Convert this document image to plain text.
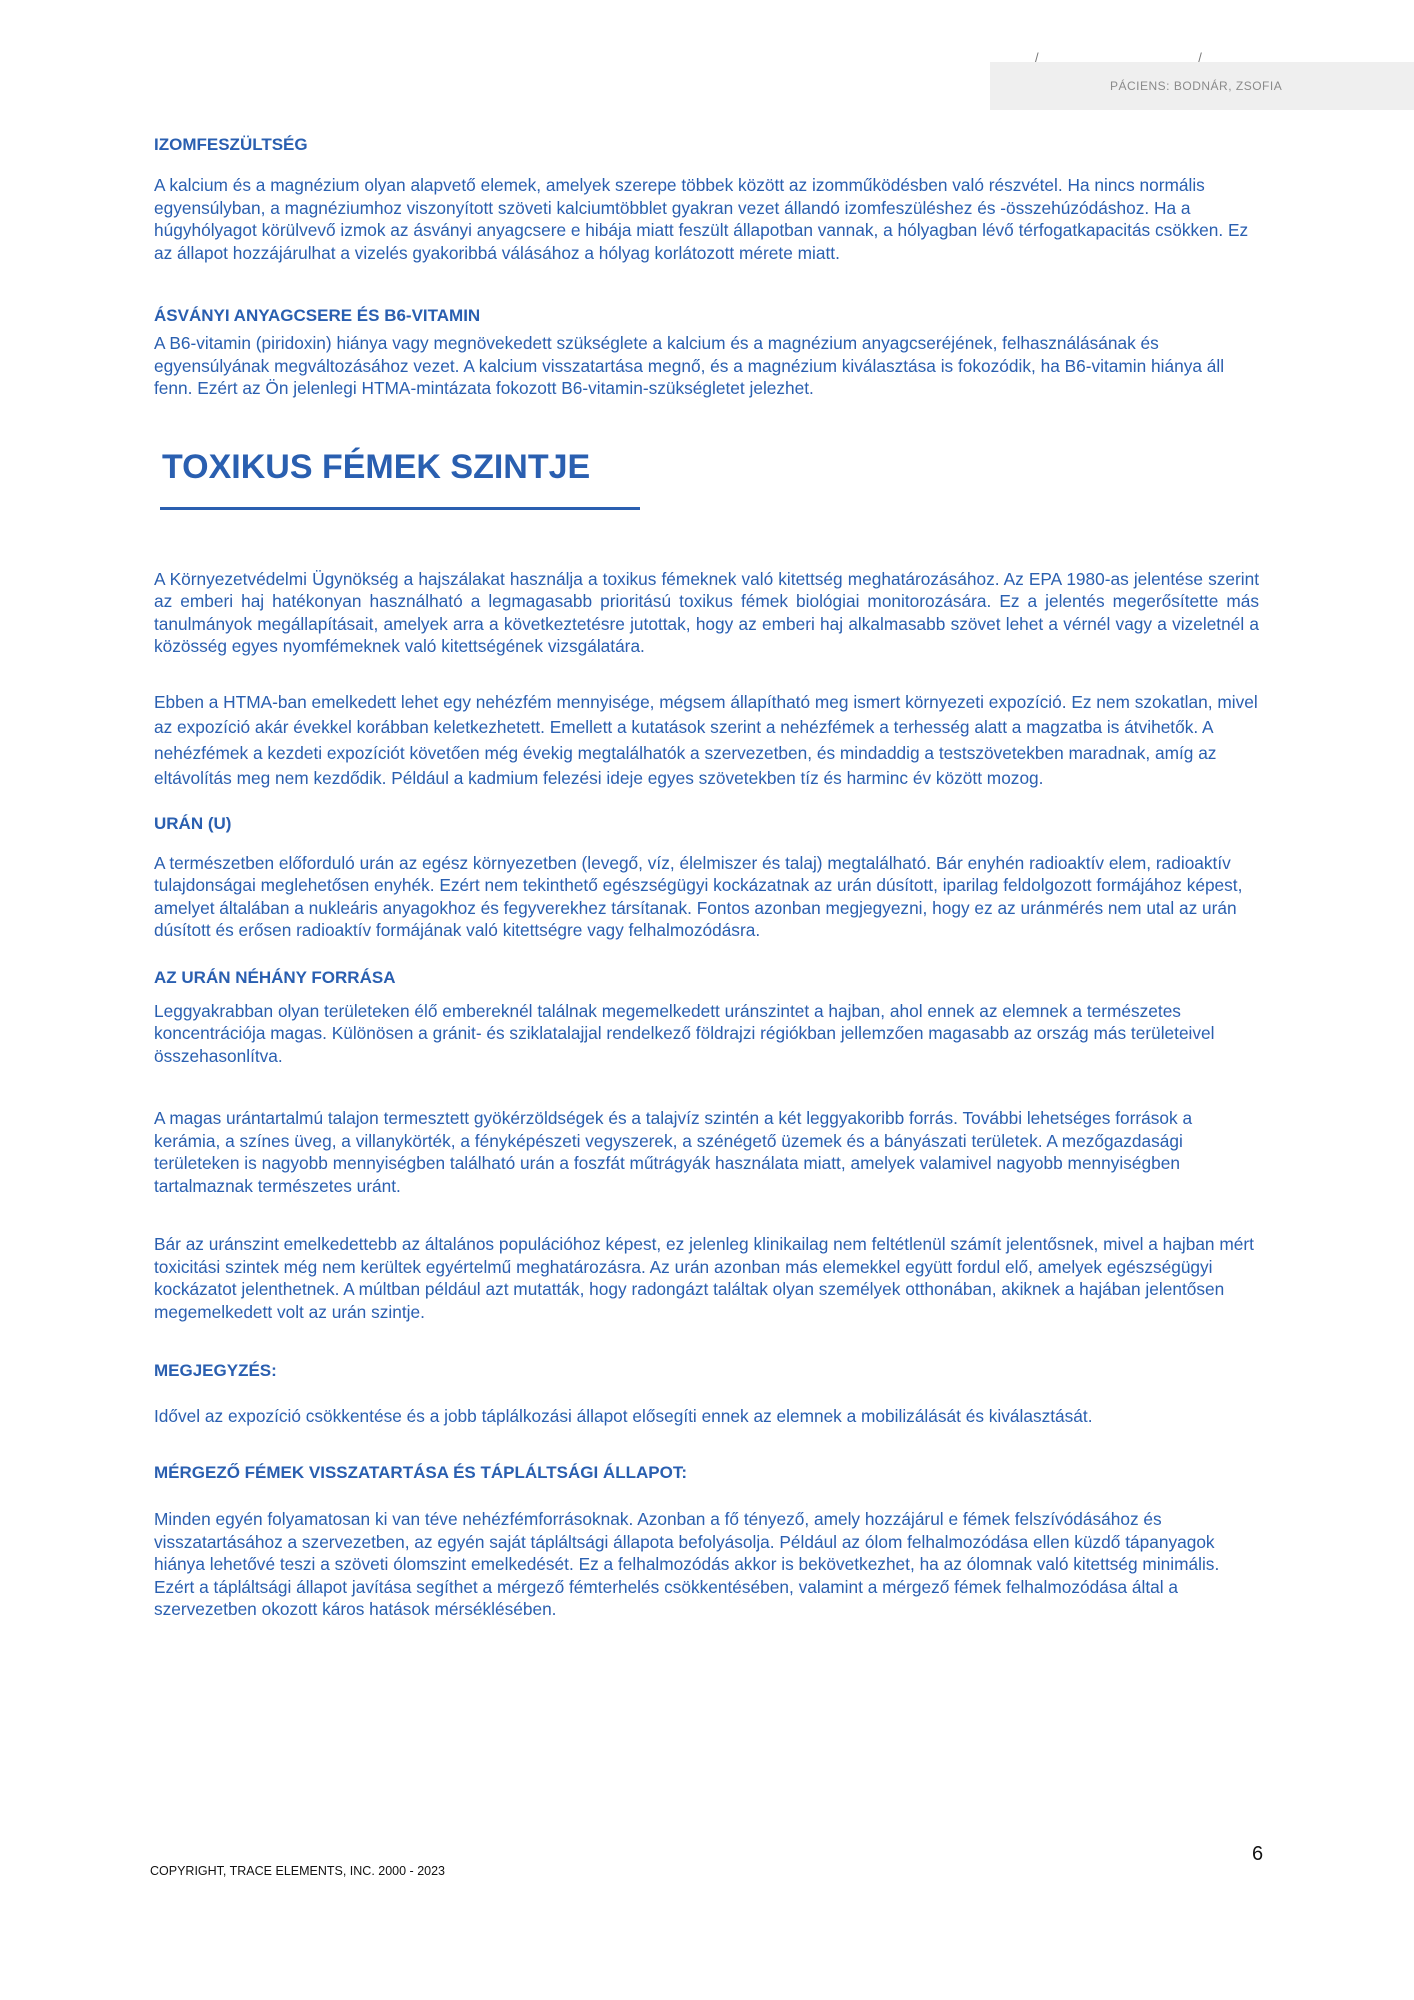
/ /
PÁCIENS: BODNÁR, ZSOFIA
IZOMFESZÜLTSÉG

A kalcium és a magnézium olyan alapvető elemek, amelyek szerepe többek között az izomműködésben való részvétel. Ha nincs normális egyensúlyban, a magnéziumhoz viszonyított szöveti kalciumtöbblet gyakran vezet állandó izomfeszüléshez és -összehúzódáshoz. Ha a húgyhólyagot körülvevő izmok az ásványi anyagcsere e hibája miatt feszült állapotban vannak, a hólyagban lévő térfogatkapacitás csökken. Ez az állapot hozzájárulhat a vizelés gyakoribbá válásához a hólyag korlátozott mérete miatt.

ÁSVÁNYI ANYAGCSERE ÉS B6-VITAMIN

A B6-vitamin (piridoxin) hiánya vagy megnövekedett szükséglete a kalcium és a magnézium anyagcseréjének, felhasználásának és egyensúlyának megváltozásához vezet. A kalcium visszatartása megnő, és a magnézium kiválasztása is fokozódik, ha B6-vitamin hiánya áll fenn. Ezért az Ön jelenlegi HTMA-mintázata fokozott B6-vitamin-szükségletet jelezhet.

TOXIKUS FÉMEK SZINTJE

A Környezetvédelmi Ügynökség a hajszálakat használja a toxikus fémeknek való kitettség meghatározásához. Az EPA 1980-as jelentése szerint az emberi haj hatékonyan használható a legmagasabb prioritású toxikus fémek biológiai monitorozására. Ez a jelentés megerősítette más tanulmányok megállapításait, amelyek arra a következtetésre jutottak, hogy az emberi haj alkalmasabb szövet lehet a vérnél vagy a vizeletnél a közösség egyes nyomfémeknek való kitettségének vizsgálatára.

Ebben a HTMA-ban emelkedett lehet egy nehézfém mennyisége, mégsem állapítható meg ismert környezeti expozíció. Ez nem szokatlan, mivel az expozíció akár évekkel korábban keletkezhetett. Emellett a kutatások szerint a nehézfémek a terhesség alatt a magzatba is átvihetők. A nehézfémek a kezdeti expozíciót követően még évekig megtalálhatók a szervezetben, és mindaddig a testszövetekben maradnak, amíg az eltávolítás meg nem kezdődik. Például a kadmium felezési ideje egyes szövetekben tíz és harminc év között mozog.

URÁN (U)

A természetben előforduló urán az egész környezetben (levegő, víz, élelmiszer és talaj) megtalálható. Bár enyhén radioaktív elem, radioaktív tulajdonságai meglehetősen enyhék. Ezért nem tekinthető egészségügyi kockázatnak az urán dúsított, iparilag feldolgozott formájához képest, amelyet általában a nukleáris anyagokhoz és fegyverekhez társítanak. Fontos azonban megjegyezni, hogy ez az uránmérés nem utal az urán dúsított és erősen radioaktív formájának való kitettségre vagy felhalmozódásra.

AZ URÁN NÉHÁNY FORRÁSA

Leggyakrabban olyan területeken élő embereknél találnak megemelkedett uránszintet a hajban, ahol ennek az elemnek a természetes koncentrációja magas. Különösen a gránit- és sziklatalajjal rendelkező földrajzi régiókban jellemzően magasabb az ország más területeivel összehasonlítva.

A magas urántartalmú talajon termesztett gyökérzöldségek és a talajvíz szintén a két leggyakoribb forrás. További lehetséges források a kerámia, a színes üveg, a villanykörték, a fényképészeti vegyszerek, a szénégető üzemek és a bányászati területek. A mezőgazdasági területeken is nagyobb mennyiségben található urán a foszfát műtrágyák használata miatt, amelyek valamivel nagyobb mennyiségben tartalmaznak természetes uránt.

Bár az uránszint emelkedettebb az általános populációhoz képest, ez jelenleg klinikailag nem feltétlenül számít jelentősnek, mivel a hajban mért toxicitási szintek még nem kerültek egyértelmű meghatározásra. Az urán azonban más elemekkel együtt fordul elő, amelyek egészségügyi kockázatot jelenthetnek. A múltban például azt mutatták, hogy radongázt találtak olyan személyek otthonában, akiknek a hajában jelentősen megemelkedett volt az urán szintje.

MEGJEGYZÉS:

Idővel az expozíció csökkentése és a jobb táplálkozási állapot elősegíti ennek az elemnek a mobilizálását és kiválasztását.

MÉRGEZŐ FÉMEK VISSZATARTÁSA ÉS TÁPLÁLTSÁGI ÁLLAPOT:

Minden egyén folyamatosan ki van téve nehézfémforrásoknak. Azonban a fő tényező, amely hozzájárul e fémek felszívódásához és visszatartásához a szervezetben, az egyén saját tápláltsági állapota befolyásolja. Például az ólom felhalmozódása ellen küzdő tápanyagok hiánya lehetővé teszi a szöveti ólomszint emelkedését. Ez a felhalmozódás akkor is bekövetkezhet, ha az ólomnak való kitettség minimális. Ezért a tápláltsági állapot javítása segíthet a mérgező fémterhelés csökkentésében, valamint a mérgező fémek felhalmozódása által a szervezetben okozott káros hatások mérséklésében.

COPYRIGHT, TRACE ELEMENTS, INC. 2000 - 2023
6
